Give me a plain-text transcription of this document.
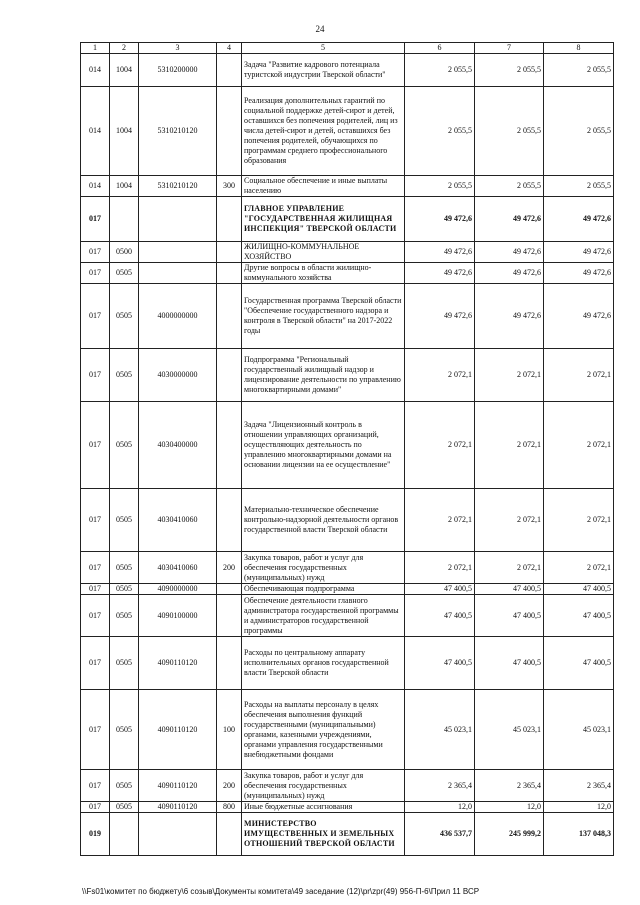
24
1	2	3	4	5	6	7	8
014	1004	5310200000		Задача "Развитие кадрового потенциала туристской индустрии Тверской области"	2 055,5	2 055,5	2 055,5
014	1004	5310210120		Реализация дополнительных гарантий по социальной поддержке детей-сирот и детей, оставшихся без попечения родителей, лиц из числа детей-сирот и детей, оставшихся без попечения родителей, обучающихся по программам среднего профессионального образования	2 055,5	2 055,5	2 055,5
014	1004	5310210120	300	Социальное обеспечение и иные выплаты населению	2 055,5	2 055,5	2 055,5
017				ГЛАВНОЕ УПРАВЛЕНИЕ "ГОСУДАРСТВЕННАЯ ЖИЛИЩНАЯ ИНСПЕКЦИЯ" ТВЕРСКОЙ ОБЛАСТИ	49 472,6	49 472,6	49 472,6
017	0500			ЖИЛИЩНО-КОММУНАЛЬНОЕ ХОЗЯЙСТВО	49 472,6	49 472,6	49 472,6
017	0505			Другие вопросы в области жилищно-коммунального хозяйства	49 472,6	49 472,6	49 472,6
017	0505	4000000000		Государственная программа Тверской области "Обеспечение государственного надзора и контроля в Тверской области" на 2017-2022 годы	49 472,6	49 472,6	49 472,6
017	0505	4030000000		Подпрограмма "Региональный государственный жилищный надзор и лицензирование деятельности по управлению многоквартирными домами"	2 072,1	2 072,1	2 072,1
017	0505	4030400000		Задача "Лицензионный контроль в отношении управляющих организаций, осуществляющих деятельность по управлению многоквартирными домами на основании лицензии на ее осуществление"	2 072,1	2 072,1	2 072,1
017	0505	4030410060		Материально-техническое обеспечение контрольно-надзорной деятельности органов государственной власти Тверской области	2 072,1	2 072,1	2 072,1
017	0505	4030410060	200	Закупка товаров, работ и услуг для обеспечения государственных (муниципальных) нужд	2 072,1	2 072,1	2 072,1
017	0505	4090000000		Обеспечивающая подпрограмма	47 400,5	47 400,5	47 400,5
017	0505	4090100000		Обеспечение деятельности главного администратора государственной программы и администраторов государственной программы	47 400,5	47 400,5	47 400,5
017	0505	4090110120		Расходы по центральному аппарату исполнительных органов государственной власти Тверской области	47 400,5	47 400,5	47 400,5
017	0505	4090110120	100	Расходы на выплаты персоналу в целях обеспечения выполнения функций государственными (муниципальными) органами, казенными учреждениями, органами управления государственными внебюджетными фондами	45 023,1	45 023,1	45 023,1
017	0505	4090110120	200	Закупка товаров, работ и услуг для обеспечения государственных (муниципальных) нужд	2 365,4	2 365,4	2 365,4
017	0505	4090110120	800	Иные бюджетные ассигнования	12,0	12,0	12,0
019				МИНИСТЕРСТВО ИМУЩЕСТВЕННЫХ И ЗЕМЕЛЬНЫХ ОТНОШЕНИЙ ТВЕРСКОЙ ОБЛАСТИ	436 537,7	245 999,2	137 048,3
\\Fs01\комитет по бюджету\6 созыв\Документы комитета\49 заседание (12)\pr\zpr(49) 956-П-6\Прил 11 ВСР
